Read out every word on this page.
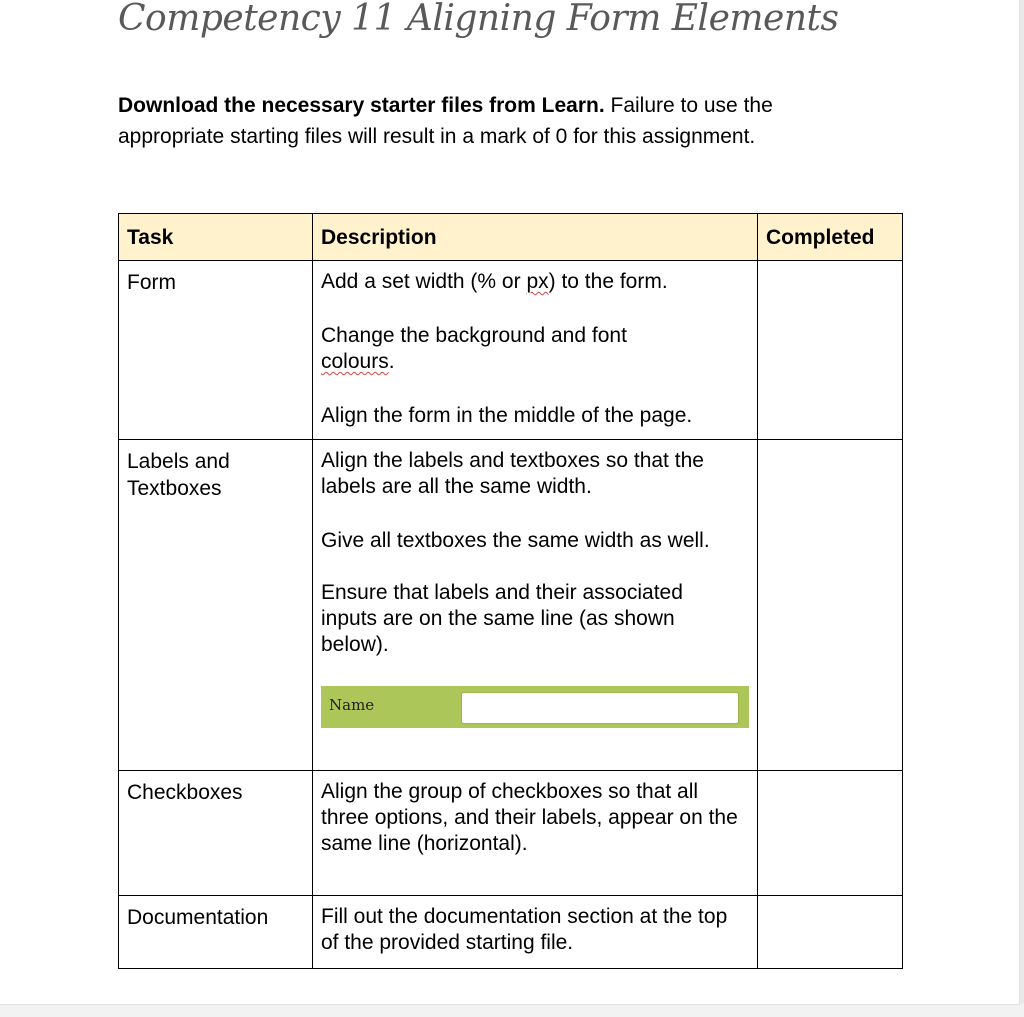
Competency 11 Aligning Form Elements

Download the necessary starter files from Learn. Failure to use the appropriate starting files will result in a mark of 0 for this assignment.

Task	Description	Completed

Form	Add a set width (% or px) to the form.

Change the background and font colours.

Align the form in the middle of the page.	

Labels and Textboxes	Align the labels and textboxes so that the labels are all the same width.

Give all textboxes the same width as well.

Ensure that labels and their associated inputs are on the same line (as shown below).

Name	

Checkboxes	Align the group of checkboxes so that all three options, and their labels, appear on the same line (horizontal).	

Documentation	Fill out the documentation section at the top of the provided starting file.	
